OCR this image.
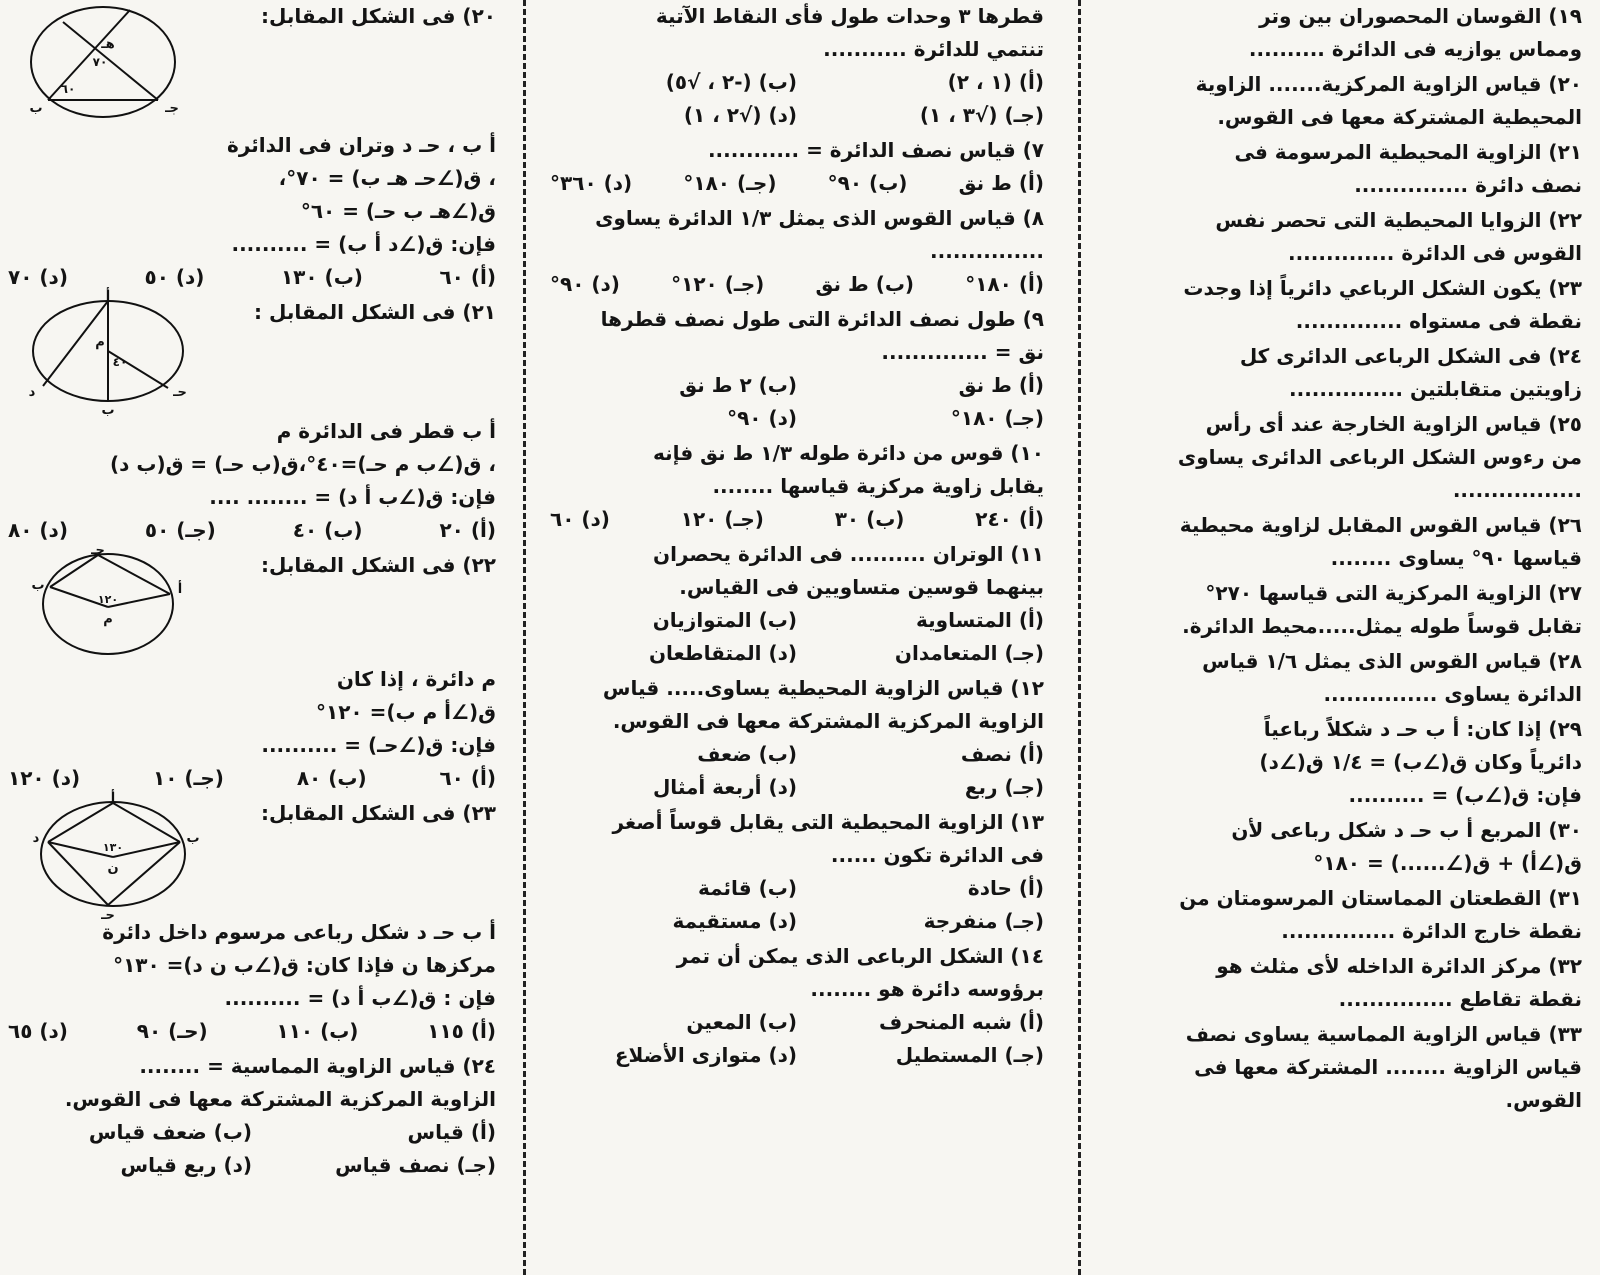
١٩) القوسان المحصوران بين وتر

ومماس يوازيه فى الدائرة ..........

٢٠) قياس الزاوية المركزية....... الزاوية

المحيطية المشتركة معها فى القوس.

٢١) الزاوية المحيطية المرسومة فى

نصف دائرة ...............

٢٢) الزوايا المحيطية التى تحصر نفس

القوس فى الدائرة ..............

٢٣) يكون الشكل الرباعي دائرياً إذا وجدت

نقطة فى مستواه ..............

٢٤) فى الشكل الرباعى الدائرى كل

زاويتين متقابلتين ...............

٢٥) قياس الزاوية الخارجة عند أى رأس

من رءوس الشكل الرباعى الدائرى يساوى

.................

٢٦) قياس القوس المقابل لزاوية محيطية

قياسها ٩٠° يساوى ........

٢٧) الزاوية المركزية التى قياسها ٢٧٠°

تقابل قوساً طوله يمثل.....محيط الدائرة.

٢٨) قياس القوس الذى يمثل ١/٦ قياس

الدائرة يساوى ...............

٢٩) إذا كان: أ ب حـ د شكلاً رباعياً

دائرياً وكان ق(∠ب) = ١/٤ ق(∠د)

فإن: ق(∠ب) = ..........

٣٠) المربع أ ب حـ د شكل رباعى لأن

ق(∠أ) + ق(∠......) = ١٨٠°

٣١) القطعتان المماستان المرسومتان من

نقطة خارج الدائرة ...............

٣٢) مركز الدائرة الداخله لأى مثلث هو

نقطة تقاطع ...............

٣٣) قياس الزاوية المماسية يساوى نصف

قياس الزاوية ........ المشتركة معها فى

القوس.

قطرها ٣ وحدات طول فأى النقاط الآتية

تنتمي للدائرة ...........

(أ) (١ ، ٢)
(ب) (-٢ ، √٥)
(جـ) (√٣ ، ١)
(د) (√٢ ، ١)

٧) قياس نصف الدائرة = ............

(أ) ط نق
(ب) ٩٠°
(جـ) ١٨٠°
(د) ٣٦٠°

٨) قياس القوس الذى يمثل ١/٣ الدائرة يساوى

...............

(أ) ١٨٠°
(ب) ط نق
(جـ) ١٢٠°
(د) ٩٠°

٩) طول نصف الدائرة التى طول نصف قطرها

نق = ..............

(أ) ط نق
(ب) ٢ ط نق
(جـ) ١٨٠°
(د) ٩٠°

١٠) قوس من دائرة طوله ١/٣ ط نق فإنه

يقابل زاوية مركزية قياسها ........

(أ) ٢٤٠
(ب) ٣٠
(جـ) ١٢٠
(د) ٦٠

١١) الوتران .......... فى الدائرة يحصران

بينهما قوسين متساويين فى القياس.

(أ) المتساوية
(ب) المتوازيان
(جـ) المتعامدان
(د) المتقاطعان

١٢) قياس الزاوية المحيطية يساوى..... قياس

الزاوية المركزية المشتركة معها فى القوس.

(أ) نصف
(ب) ضعف
(جـ) ربع
(د) أربعة أمثال

١٣) الزاوية المحيطية التى يقابل قوساً أصغر

فى الدائرة تكون ......

(أ) حادة
(ب) قائمة
(جـ) منفرجة
(د) مستقيمة

١٤) الشكل الرباعى الذى يمكن أن تمر

برؤوسه دائرة هو ........

(أ) شبه المنحرف
(ب) المعين
(جـ) المستطيل
(د) متوازى الأضلاع

٢٠) فى الشكل المقابل:

هـ
٧٠
٦٠
ب	جـ

أ ب ، حـ د وتران فى الدائرة

، ق(∠حـ هـ ب) = ٧٠°،

ق(∠هـ ب حـ) = ٦٠°

فإن: ق(∠د أ ب) = ..........

(أ) ٦٠
(ب) ١٣٠
(د) ٥٠
(د) ٧٠

٢١) فى الشكل المقابل :

أ
م
٤٠
ب
حـ
د

أ ب قطر فى الدائرة م

، ق(∠ب م حـ)=٤٠°،ق(ب حـ) = ق(ب د)

فإن: ق(∠ب أ د) = ........ ....

(أ) ٢٠
(ب) ٤٠
(جـ) ٥٠
(د) ٨٠

٢٢) فى الشكل المقابل:

حـ
ب	أ
م
١٢٠

م دائرة ، إذا كان

ق(∠أ م ب)= ١٢٠°

فإن: ق(∠حـ) = ..........

(أ) ٦٠
(ب) ٨٠
(جـ) ١٠
(د) ١٢٠

٢٣) فى الشكل المقابل:

أ
ب
حـ
د
ن
١٣٠

أ ب حـ د شكل رباعى مرسوم داخل دائرة

مركزها ن فإذا كان: ق(∠ب ن د)= ١٣٠°

فإن : ق(∠ب أ د) = ..........

(أ) ١١٥
(ب) ١١٠
(حـ) ٩٠
(د) ٦٥

٢٤) قياس الزاوية المماسية = ........

الزاوية المركزية المشتركة معها فى القوس.

(أ) قياس
(ب) ضعف قياس
(جـ) نصف قياس
(د) ربع قياس
